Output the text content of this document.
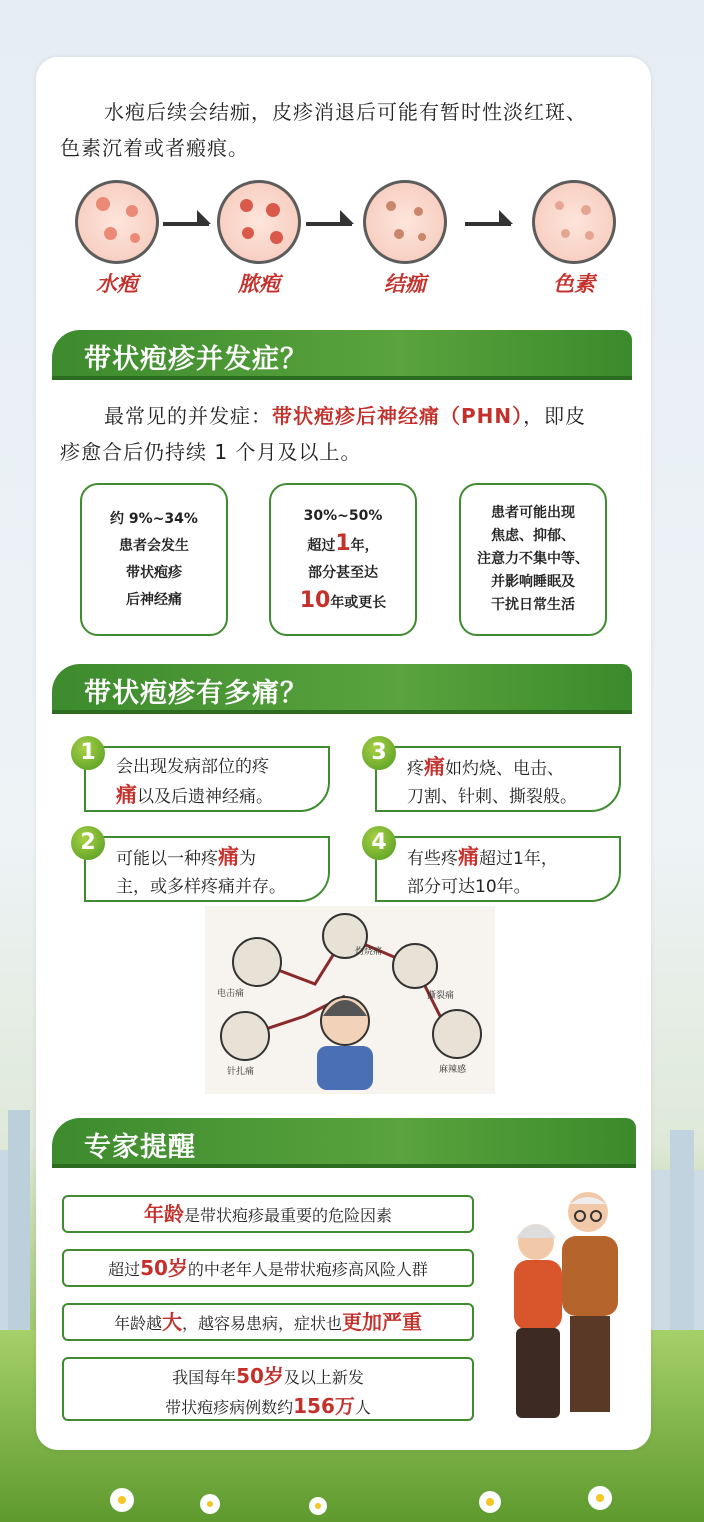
水疱后续会结痂，皮疹消退后可能有暂时性淡红斑、
色素沉着或者瘢痕。
水疱	脓疱	结痂	色素
带状疱疹并发症？
最常见的并发症：带状疱疹后神经痛（PHN），即皮
疹愈合后仍持续 1 个月及以上。
约 9%~34%
患者会发生
带状疱疹
后神经痛
30%~50%
超过1年，
部分甚至达
10年或更长
患者可能出现
焦虑、抑郁、
注意力不集中等、
并影响睡眠及
干扰日常生活
带状疱疹有多痛？
会出现发病部位的疼
痛以及后遗神经痛。
1
疼痛如灼烧、电击、
刀割、针刺、撕裂般。
3
可能以一种疼痛为
主，或多样疼痛并存。
2
有些疼痛超过1年，
部分可达10年。
4
灼烧痛
电击痛	撕裂痛
针扎痛	麻辣感
专家提醒
年龄是带状疱疹最重要的危险因素
超过50岁的中老年人是带状疱疹高风险人群
年龄越大，越容易患病，症状也更加严重
我国每年50岁及以上新发
带状疱疹病例数约156万人
